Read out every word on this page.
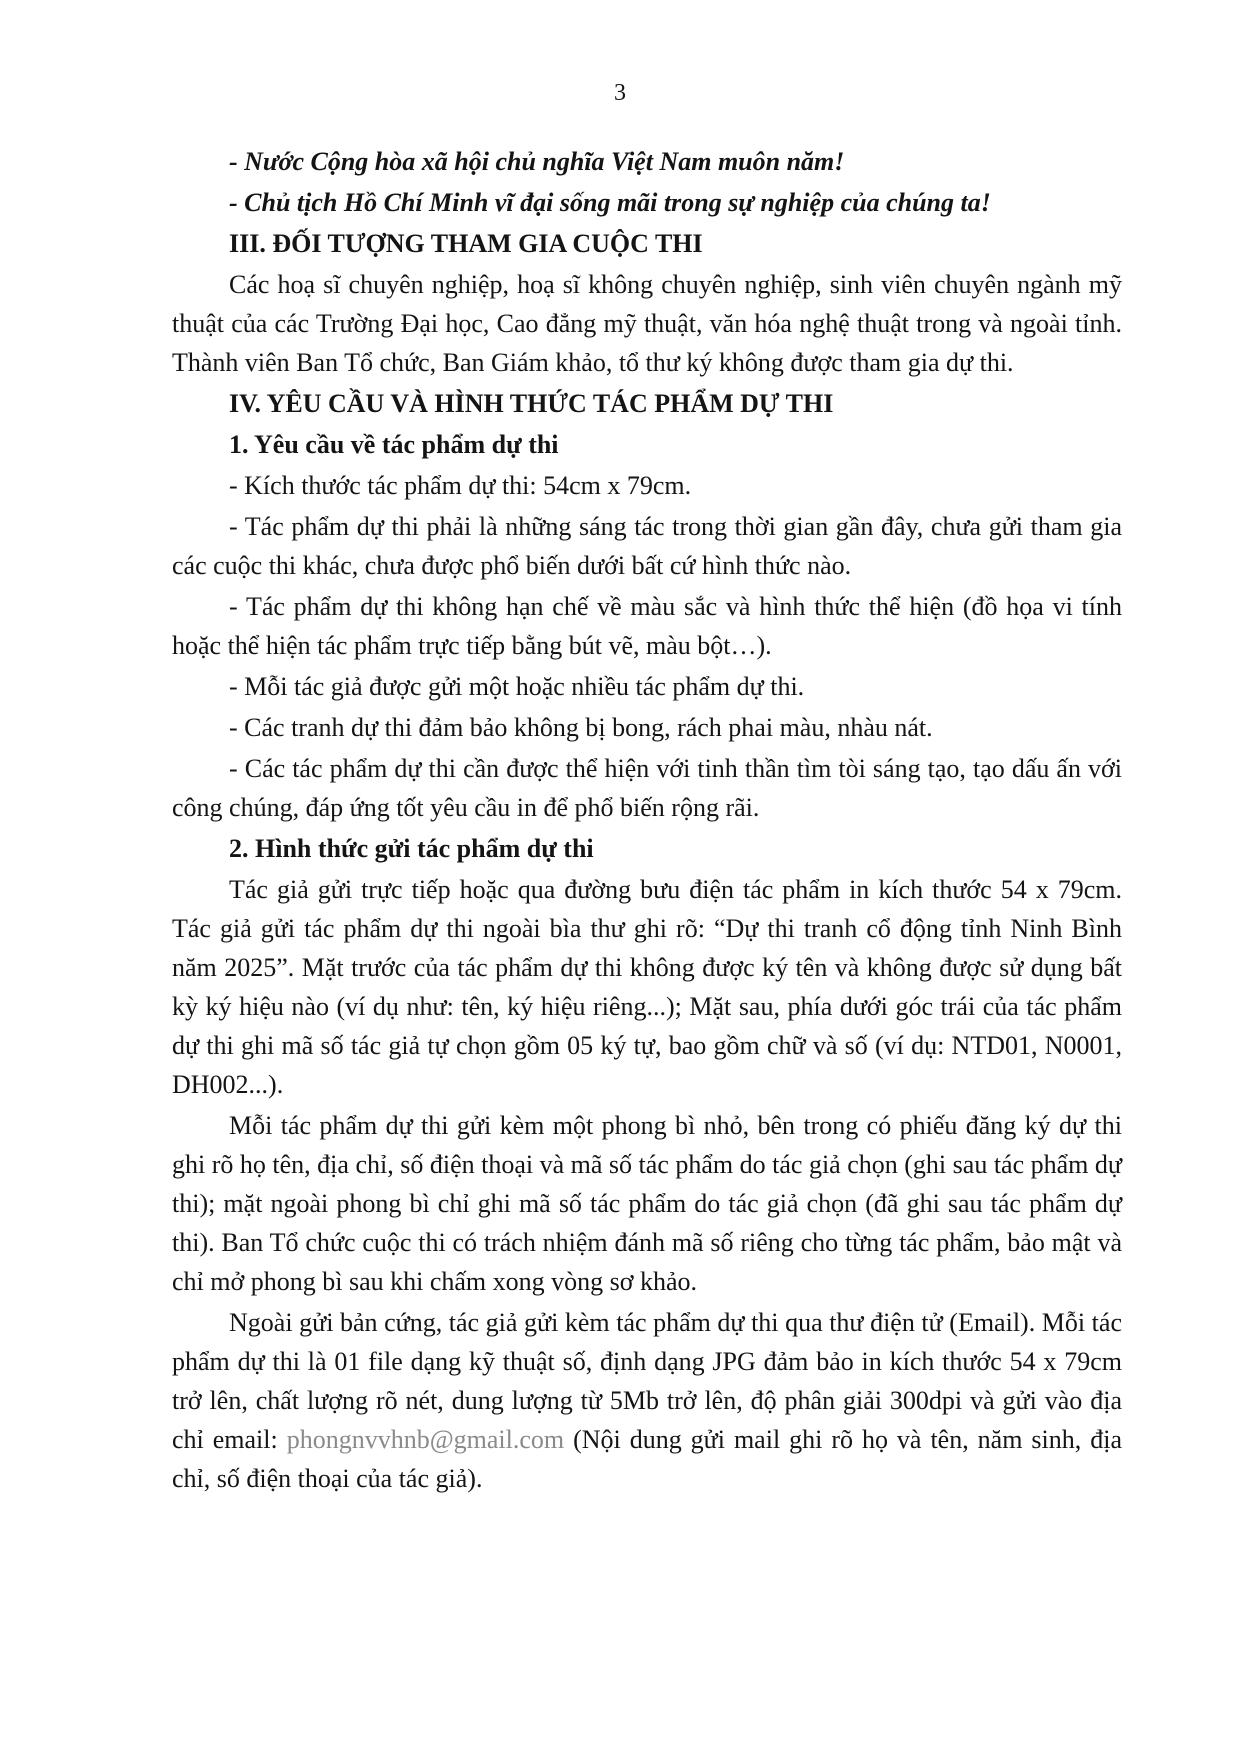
3

- Nước Cộng hòa xã hội chủ nghĩa Việt Nam muôn năm!

- Chủ tịch Hồ Chí Minh vĩ đại sống mãi trong sự nghiệp của chúng ta!

III. ĐỐI TƯỢNG THAM GIA CUỘC THI

Các hoạ sĩ chuyên nghiệp, hoạ sĩ không chuyên nghiệp, sinh viên chuyên ngành mỹ thuật của các Trường Đại học, Cao đẳng mỹ thuật, văn hóa nghệ thuật trong và ngoài tỉnh. Thành viên Ban Tổ chức, Ban Giám khảo, tổ thư ký không được tham gia dự thi.

IV. YÊU CẦU VÀ HÌNH THỨC TÁC PHẨM DỰ THI

1. Yêu cầu về tác phẩm dự thi

- Kích thước tác phẩm dự thi: 54cm x 79cm.

- Tác phẩm dự thi phải là những sáng tác trong thời gian gần đây, chưa gửi tham gia các cuộc thi khác, chưa được phổ biến dưới bất cứ hình thức nào.

- Tác phẩm dự thi không hạn chế về màu sắc và hình thức thể hiện (đồ họa vi tính hoặc thể hiện tác phẩm trực tiếp bằng bút vẽ, màu bột…).

- Mỗi tác giả được gửi một hoặc nhiều tác phẩm dự thi.

- Các tranh dự thi đảm bảo không bị bong, rách phai màu, nhàu nát.

- Các tác phẩm dự thi cần được thể hiện với tinh thần tìm tòi sáng tạo, tạo dấu ấn với công chúng, đáp ứng tốt yêu cầu in để phổ biến rộng rãi.

2. Hình thức gửi tác phẩm dự thi

Tác giả gửi trực tiếp hoặc qua đường bưu điện tác phẩm in kích thước 54 x 79cm. Tác giả gửi tác phẩm dự thi ngoài bìa thư ghi rõ: “Dự thi tranh cổ động tỉnh Ninh Bình năm 2025”. Mặt trước của tác phẩm dự thi không được ký tên và không được sử dụng bất kỳ ký hiệu nào (ví dụ như: tên, ký hiệu riêng...); Mặt sau, phía dưới góc trái của tác phẩm dự thi ghi mã số tác giả tự chọn gồm 05 ký tự, bao gồm chữ và số (ví dụ: NTD01, N0001, DH002...).

Mỗi tác phẩm dự thi gửi kèm một phong bì nhỏ, bên trong có phiếu đăng ký dự thi ghi rõ họ tên, địa chỉ, số điện thoại và mã số tác phẩm do tác giả chọn (ghi sau tác phẩm dự thi); mặt ngoài phong bì chỉ ghi mã số tác phẩm do tác giả chọn (đã ghi sau tác phẩm dự thi). Ban Tổ chức cuộc thi có trách nhiệm đánh mã số riêng cho từng tác phẩm, bảo mật và chỉ mở phong bì sau khi chấm xong vòng sơ khảo.

Ngoài gửi bản cứng, tác giả gửi kèm tác phẩm dự thi qua thư điện tử (Email). Mỗi tác phẩm dự thi là 01 file dạng kỹ thuật số, định dạng JPG đảm bảo in kích thước 54 x 79cm trở lên, chất lượng rõ nét, dung lượng từ 5Mb trở lên, độ phân giải 300dpi và gửi vào địa chỉ email: phongnvvhnb@gmail.com (Nội dung gửi mail ghi rõ họ và tên, năm sinh, địa chỉ, số điện thoại của tác giả).
